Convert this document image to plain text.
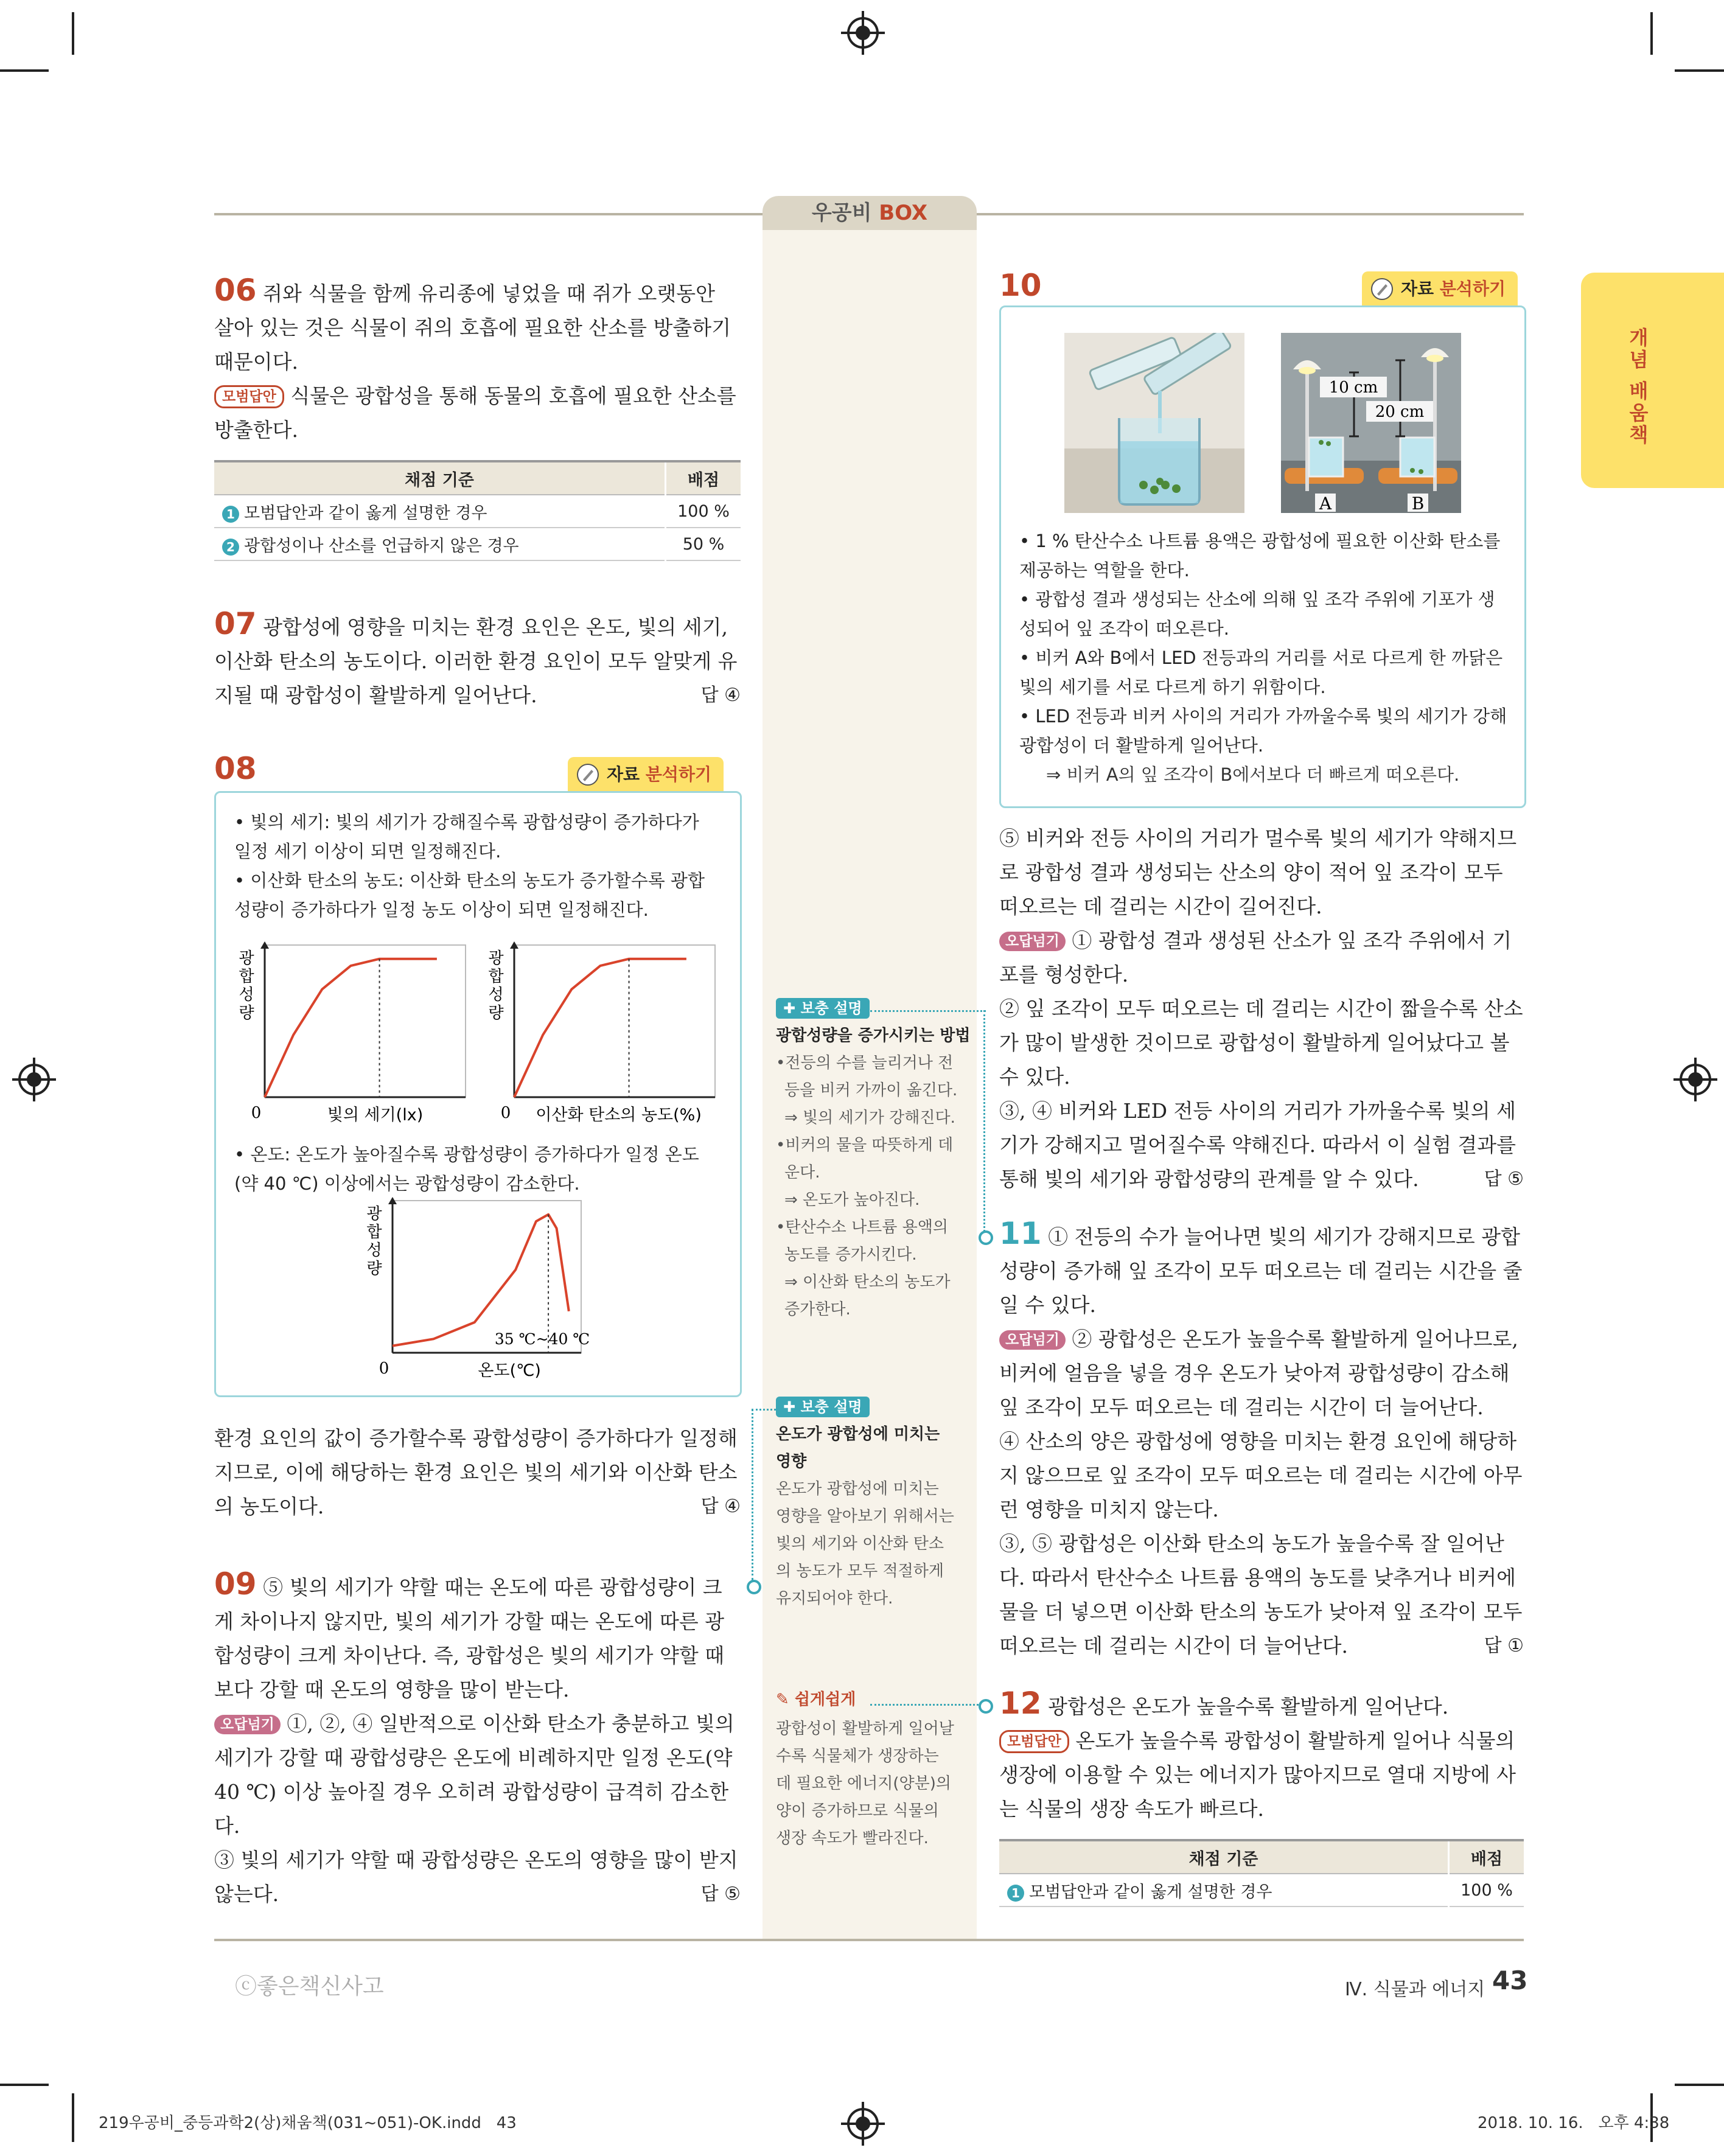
우공비 BOX
개념 배움책
06 쥐와 식물을 함께 유리종에 넣었을 때 쥐가 오랫동안 살아 있는 것은 식물이 쥐의 호흡에 필요한 산소를 방출하기 때문이다.
모범답안 식물은 광합성을 통해 동물의 호흡에 필요한 산소를 방출한다.
채점 기준	배점
1 모범답안과 같이 옳게 설명한 경우	100 %
2 광합성이나 산소를 언급하지 않은 경우	50 %
07 광합성에 영향을 미치는 환경 요인은 온도, 빛의 세기, 이산화 탄소의 농도이다. 이러한 환경 요인이 모두 알맞게 유지될 때 광합성이 활발하게 일어난다.	답 ④
08	자료 분석하기
• 빛의 세기: 빛의 세기가 강해질수록 광합성량이 증가하다가 일정 세기 이상이 되면 일정해진다.
• 이산화 탄소의 농도: 이산화 탄소의 농도가 증가할수록 광합성량이 증가하다가 일정 농도 이상이 되면 일정해진다.
광
합
성
량
0	빛의 세기(lx)
광
합
성
량
0 이산화 탄소의 농도(%)
• 온도: 온도가 높아질수록 광합성량이 증가하다가 일정 온도(약 40 ℃) 이상에서는 광합성량이 감소한다.
광
합
성
량
0	온도(℃)
35 ℃~40 ℃
환경 요인의 값이 증가할수록 광합성량이 증가하다가 일정해지므로, 이에 해당하는 환경 요인은 빛의 세기와 이산화 탄소의 농도이다.	답 ④
09 ⑤ 빛의 세기가 약할 때는 온도에 따른 광합성량이 크게 차이나지 않지만, 빛의 세기가 강할 때는 온도에 따른 광합성량이 크게 차이난다. 즉, 광합성은 빛의 세기가 약할 때보다 강할 때 온도의 영향을 많이 받는다.
오답넘기 ①, ②, ④ 일반적으로 이산화 탄소가 충분하고 빛의 세기가 강할 때 광합성량은 온도에 비례하지만 일정 온도(약 40 ℃) 이상 높아질 경우 오히려 광합성량이 급격히 감소한다.
③ 빛의 세기가 약할 때 광합성량은 온도의 영향을 많이 받지 않는다.	답 ⑤
✚ 보충 설명
광합성량을 증가시키는 방법
•전등의 수를 늘리거나 전
등을 비커 가까이 옮긴다.
⇒ 빛의 세기가 강해진다.
•비커의 물을 따뜻하게 데
운다.
⇒ 온도가 높아진다.
•탄산수소 나트륨 용액의
농도를 증가시킨다.
⇒ 이산화 탄소의 농도가
증가한다.
✚ 보충 설명
온도가 광합성에 미치는
영향
온도가 광합성에 미치는
영향을 알아보기 위해서는
빛의 세기와 이산화 탄소
의 농도가 모두 적절하게
유지되어야 한다.
✎ 쉽게쉽게
광합성이 활발하게 일어날
수록 식물체가 생장하는
데 필요한 에너지(양분)의
양이 증가하므로 식물의
생장 속도가 빨라진다.
10	자료 분석하기
10 cm
20 cm
A	B
• 1 % 탄산수소 나트륨 용액은 광합성에 필요한 이산화 탄소를 제공하는 역할을 한다.
• 광합성 결과 생성되는 산소에 의해 잎 조각 주위에 기포가 생성되어 잎 조각이 떠오른다.
• 비커 A와 B에서 LED 전등과의 거리를 서로 다르게 한 까닭은 빛의 세기를 서로 다르게 하기 위함이다.
• LED 전등과 비커 사이의 거리가 가까울수록 빛의 세기가 강해 광합성이 더 활발하게 일어난다.
⇒ 비커 A의 잎 조각이 B에서보다 더 빠르게 떠오른다.
⑤ 비커와 전등 사이의 거리가 멀수록 빛의 세기가 약해지므로 광합성 결과 생성되는 산소의 양이 적어 잎 조각이 모두 떠오르는 데 걸리는 시간이 길어진다.
오답넘기 ① 광합성 결과 생성된 산소가 잎 조각 주위에서 기포를 형성한다.
② 잎 조각이 모두 떠오르는 데 걸리는 시간이 짧을수록 산소가 많이 발생한 것이므로 광합성이 활발하게 일어났다고 볼 수 있다.
③, ④ 비커와 LED 전등 사이의 거리가 가까울수록 빛의 세기가 강해지고 멀어질수록 약해진다. 따라서 이 실험 결과를 통해 빛의 세기와 광합성량의 관계를 알 수 있다.	답 ⑤
11 ① 전등의 수가 늘어나면 빛의 세기가 강해지므로 광합성량이 증가해 잎 조각이 모두 떠오르는 데 걸리는 시간을 줄일 수 있다.
오답넘기 ② 광합성은 온도가 높을수록 활발하게 일어나므로, 비커에 얼음을 넣을 경우 온도가 낮아져 광합성량이 감소해 잎 조각이 모두 떠오르는 데 걸리는 시간이 더 늘어난다.
④ 산소의 양은 광합성에 영향을 미치는 환경 요인에 해당하지 않으므로 잎 조각이 모두 떠오르는 데 걸리는 시간에 아무런 영향을 미치지 않는다.
③, ⑤ 광합성은 이산화 탄소의 농도가 높을수록 잘 일어난다. 따라서 탄산수소 나트륨 용액의 농도를 낮추거나 비커에 물을 더 넣으면 이산화 탄소의 농도가 낮아져 잎 조각이 모두 떠오르는 데 걸리는 시간이 더 늘어난다.	답 ①
12 광합성은 온도가 높을수록 활발하게 일어난다.
모범답안 온도가 높을수록 광합성이 활발하게 일어나 식물의 생장에 이용할 수 있는 에너지가 많아지므로 열대 지방에 사는 식물의 생장 속도가 빠르다.
채점 기준	배점
1 모범답안과 같이 옳게 설명한 경우	100 %
ⓒ좋은책신사고	Ⅳ. 식물과 에너지 43
219우공비_중등과학2(상)채움책(031~051)-OK.indd   43	2018. 10. 16.   오후 4:38
